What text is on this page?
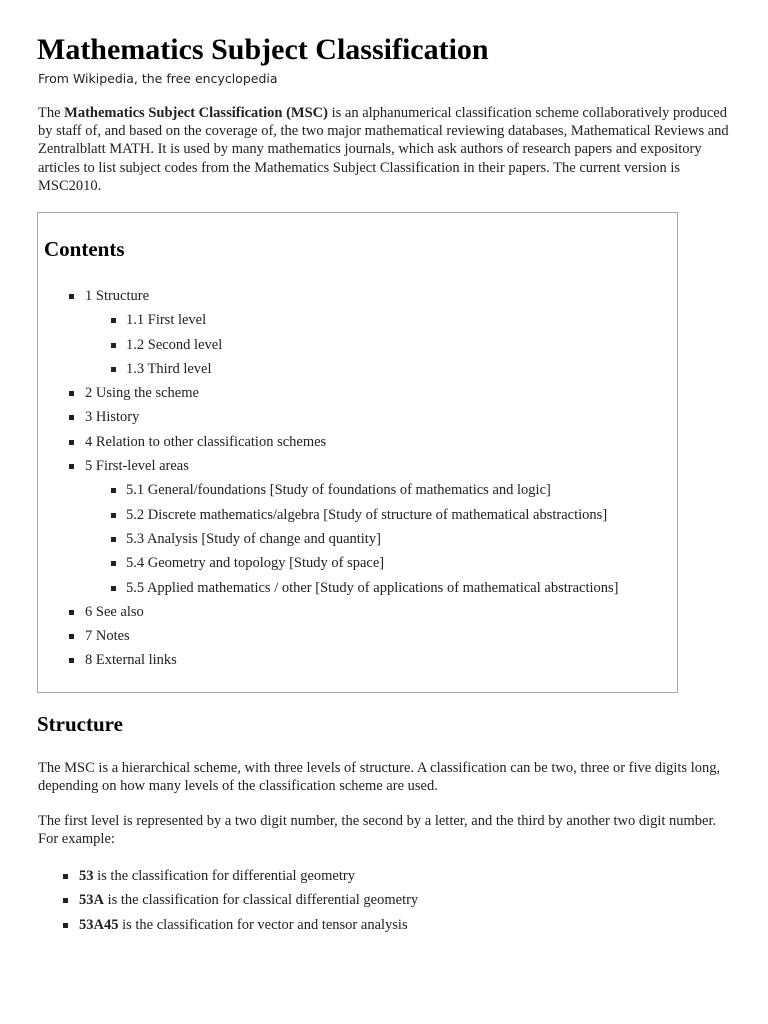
Mathematics Subject Classification

From Wikipedia, the free encyclopedia

The Mathematics Subject Classification (MSC) is an alphanumerical classification scheme collaboratively produced by staff of, and based on the coverage of, the two major mathematical reviewing databases, Mathematical Reviews and Zentralblatt MATH. It is used by many mathematics journals, which ask authors of research papers and expository articles to list subject codes from the Mathematics Subject Classification in their papers. The current version is MSC2010.

Contents
1 Structure
1.1 First level
1.2 Second level
1.3 Third level
2 Using the scheme
3 History
4 Relation to other classification schemes
5 First-level areas
5.1 General/foundations [Study of foundations of mathematics and logic]
5.2 Discrete mathematics/algebra [Study of structure of mathematical abstractions]
5.3 Analysis [Study of change and quantity]
5.4 Geometry and topology [Study of space]
5.5 Applied mathematics / other [Study of applications of mathematical abstractions]
6 See also
7 Notes
8 External links
Structure

The MSC is a hierarchical scheme, with three levels of structure. A classification can be two, three or five digits long, depending on how many levels of the classification scheme are used.

The first level is represented by a two digit number, the second by a letter, and the third by another two digit number. For example:

53 is the classification for differential geometry
53A is the classification for classical differential geometry
53A45 is the classification for vector and tensor analysis
